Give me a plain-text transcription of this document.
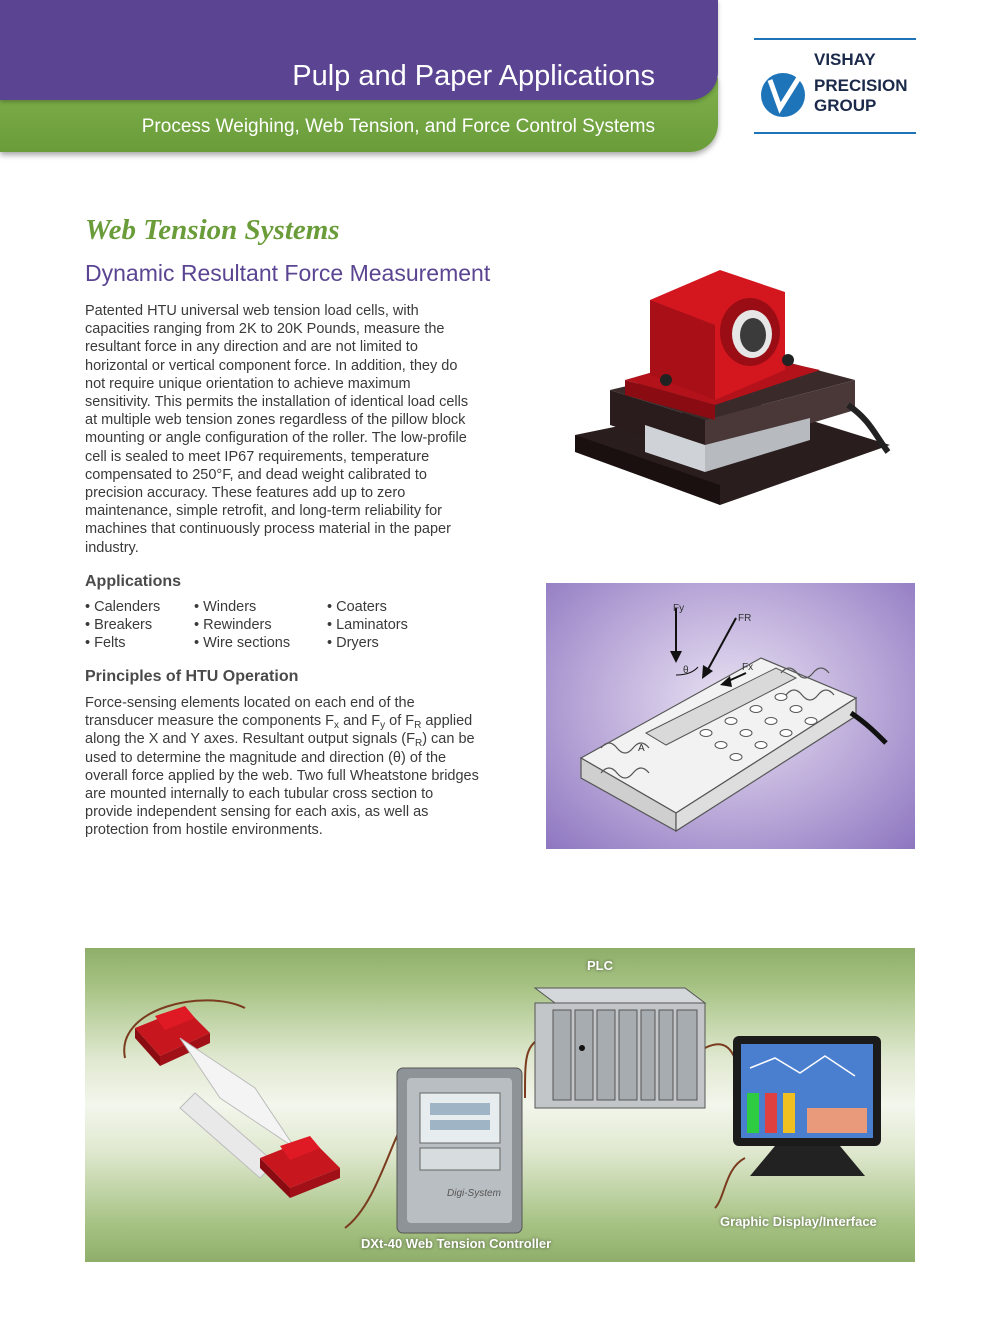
Pulp and Paper Applications
Process Weighing, Web Tension, and Force Control Systems
VISHAY
PRECISION
GROUP
Web Tension Systems
Dynamic Resultant Force Measurement
Patented HTU universal web tension load cells, with capacities ranging from 2K to 20K Pounds, measure the resultant force in any direction and are not limited to horizontal or vertical component force. In addition, they do not require unique orientation to achieve maximum sensitivity. This permits the installation of identical load cells at multiple web tension zones regardless of the pillow block mounting or angle configuration of the roller. The low-profile cell is sealed to meet IP67 requirements, temperature compensated to 250°F, and dead weight calibrated to precision accuracy. These features add up to zero maintenance, simple retrofit, and long-term reliability for machines that continuously process material in the paper industry.
Applications
• Calenders
• Breakers
• Felts
• Winders
• Rewinders
• Wire sections
• Coaters
• Laminators
• Dryers
Principles of HTU Operation
Force-sensing elements located on each end of the transducer measure the components $F_x$ and $F_y$ of $F_R$ applied along the X and Y axes. Resultant output signals $(F_R)$ can be used to determine the magnitude and direction (θ) of the overall force applied by the web. Two full Wheatstone bridges are mounted internally to each tubular cross section to provide independent sensing for each axis, as well as protection from hostile environments.
Fy
FR
Fx
θ
A
Digi-System
PLC
Graphic Display/Interface
DXt-40 Web Tension Controller
